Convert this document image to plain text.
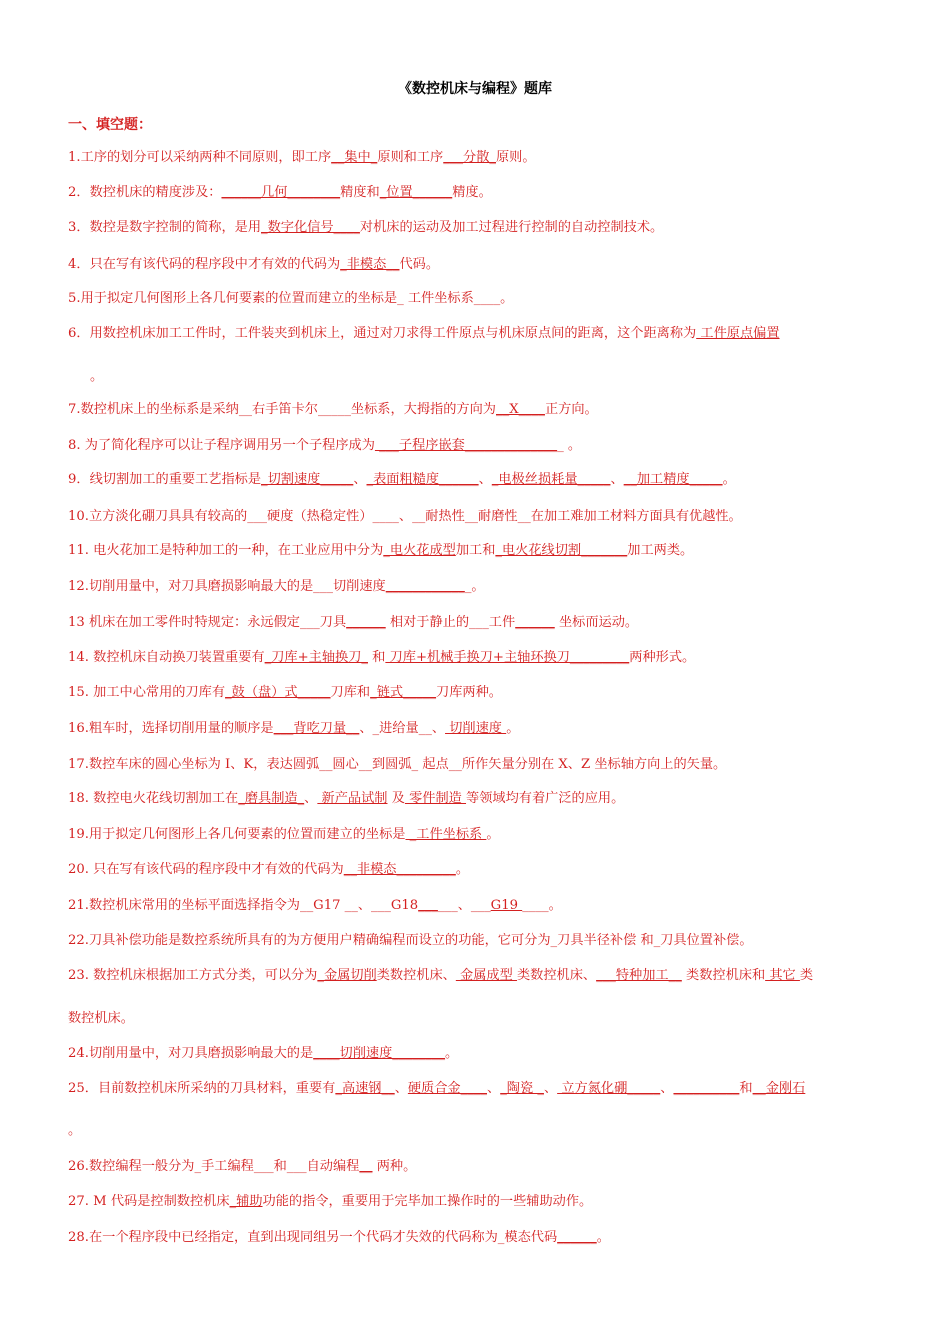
《数控机床与编程》题库
一、填空题：
1.工序的划分可以采纳两种不同原则，即工序__集中_原则和工序___分散_原则。
2．数控机床的精度涉及：______几何________精度和_位置______精度。
3．数控是数字控制的简称，是用_数字化信号____对机床的运动及加工过程进行控制的自动控制技术。
4．只在写有该代码的程序段中才有效的代码为_非模态__代码。
5.用于拟定几何图形上各几何要素的位置而建立的坐标是_ 工件坐标系____。
6．用数控机床加工工件时，工件装夹到机床上，通过对刀求得工件原点与机床原点间的距离，这个距离称为 工件原点偏置
7.数控机床上的坐标系是采纳__右手笛卡尔_____坐标系，大拇指的方向为__X____正方向。
8. 为了简化程序可以让子程序调用另一个子程序成为 ___子程序嵌套_______________ 。
9．线切割加工的重要工艺指标是_切割速度_____、_表面粗糙度______、_电极丝损耗量_____、__加工精度_____。
10.立方淡化硼刀具具有较高的___硬度（热稳定性）____、__耐热性__耐磨性__在加工难加工材料方面具有优越性。
11. 电火花加工是特种加工的一种，在工业应用中分为_电火花成型加工和_电火花线切割_______加工两类。
12.切削用量中，对刀具磨损影响最大的是___切削速度_____________。
13 机床在加工零件时特规定：永远假定___刀具______ 相对于静止的___工件______ 坐标而运动。
14. 数控机床自动换刀装置重要有_刀库+主轴换刀_ 和 刀库+机械手换刀+主轴环换刀_________两种形式。
15. 加工中心常用的刀库有_鼓（盘）式_____刀库和_链式_____刀库两种。
16.粗车时，选择切削用量的顺序是___背吃刀量__、_进给量__、 切削速度 。
17.数控车床的圆心坐标为 I、K，表达圆弧__圆心__到圆弧_ 起点__所作矢量分别在 X、Z 坐标轴方向上的矢量。
18. 数控电火花线切割加工在_磨具制造_、 新产品试制 及 零件制造 等领域均有着广泛的应用。
19.用于拟定几何图形上各几何要素的位置而建立的坐标是 _工件坐标系 。
20. 只在写有该代码的程序段中才有效的代码为__非模态_________。
21.数控机床常用的坐标平面选择指令为__G17 __、___G18______、___G19 ____。
22.刀具补偿功能是数控系统所具有的为方便用户精确编程而设立的功能，它可分为_刀具半径补偿 和_刀具位置补偿。
23. 数控机床根据加工方式分类，可以分为_金属切削类数控机床、 金属成型 类数控机床、___特种加工__ 类数控机床和 其它 类
数控机床。
24.切削用量中，对刀具磨损影响最大的是____切削速度________。
25．目前数控机床所采纳的刀具材料，重要有_高速钢__、硬质合金____、_陶瓷 _、 立方氮化硼_____、__________和__金刚石
26.数控编程一般分为_手工编程___和___自动编程__ 两种。
27. M 代码是控制数控机床_辅助功能的指令，重要用于完毕加工操作时的一些辅助动作。
28.在一个程序段中已经指定，直到出现同组另一个代码才失效的代码称为_模态代码______。
。
。
